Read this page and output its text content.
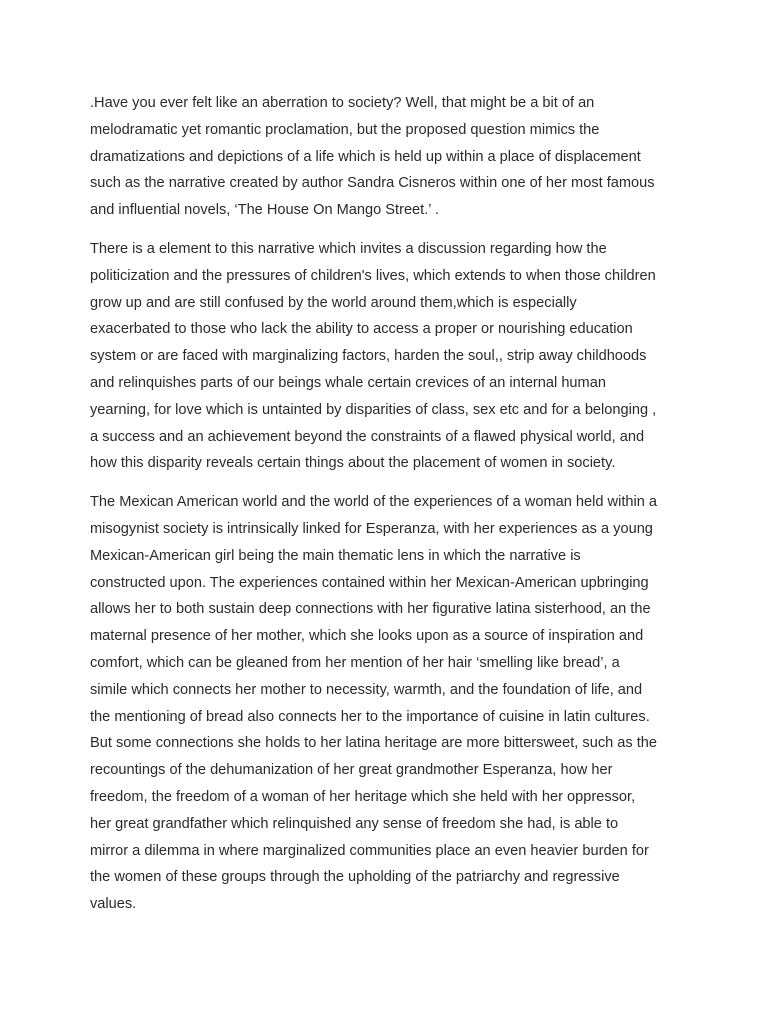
.Have you ever felt like an aberration to society? Well, that might be a bit of an
melodramatic yet romantic proclamation, but the proposed question mimics the
dramatizations and depictions of a life which is held up within a place of displacement
such as the narrative created by author Sandra Cisneros within one of her most famous
and influential novels, ‘The House On Mango Street.’ .

There is a element to this narrative which invites a discussion regarding how the
politicization and the pressures of children's lives, which extends to when those children
grow up and are still confused by the world around them,which is especially
exacerbated to those who lack the ability to access a proper or nourishing education
system or are faced with marginalizing factors, harden the soul,, strip away childhoods
and relinquishes parts of our beings whale certain crevices of an internal human
yearning, for love which is untainted by disparities of class, sex etc and for a belonging ,
a success and an achievement beyond the constraints of a flawed physical world, and
how this disparity reveals certain things about the placement of women in society.

The Mexican American world and the world of the experiences of a woman held within a
misogynist society is intrinsically linked for Esperanza, with her experiences as a young
Mexican-American girl being the main thematic lens in which the narrative is
constructed upon. The experiences contained within her Mexican-American upbringing
allows her to both sustain deep connections with her figurative latina sisterhood, an the
maternal presence of her mother, which she looks upon as a source of inspiration and
comfort, which can be gleaned from her mention of her hair ‘smelling like bread’, a
simile which connects her mother to necessity, warmth, and the foundation of life, and
the mentioning of bread also connects her to the importance of cuisine in latin cultures.
But some connections she holds to her latina heritage are more bittersweet, such as the
recountings of the dehumanization of her great grandmother Esperanza, how her
freedom, the freedom of a woman of her heritage which she held with her oppressor,
her great grandfather which relinquished any sense of freedom she had, is able to
mirror a dilemma in where marginalized communities place an even heavier burden for
the women of these groups through the upholding of the patriarchy and regressive
values.
